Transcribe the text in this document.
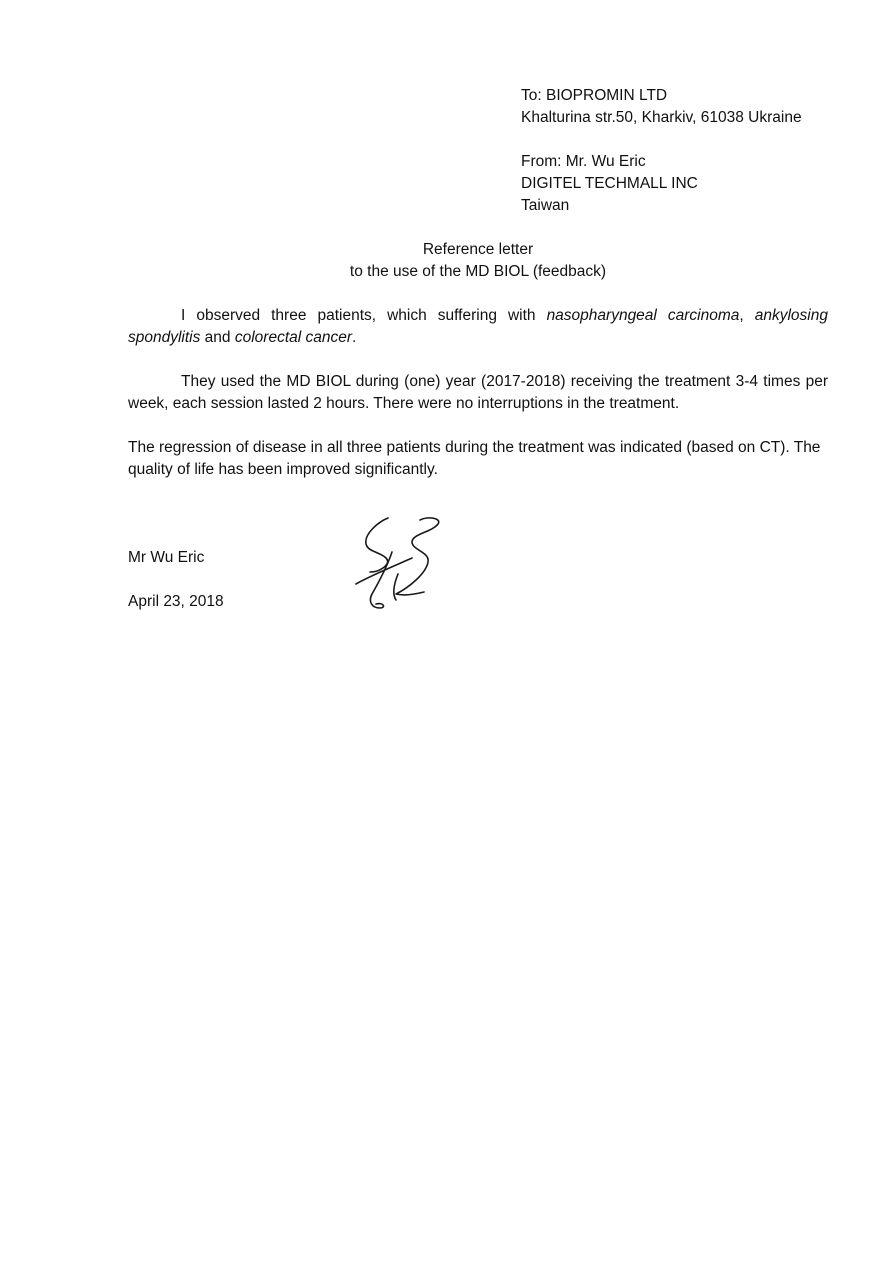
To: BIOPROMIN LTD
Khalturina str.50, Kharkiv, 61038 Ukraine
From: Mr. Wu Eric
DIGITEL TECHMALL INC
Taiwan
Reference letter
to the use of the MD BIOL (feedback)

I observed three patients, which suffering with nasopharyngeal carcinoma, ankylosing spondylitis and colorectal cancer.

They used the MD BIOL during (one) year (2017-2018) receiving the treatment 3-4 times per week, each session lasted 2 hours. There were no interruptions in the treatment.

The regression of disease in all three patients during the treatment was indicated (based on CT). The quality of life has been improved significantly.

Mr Wu Eric
April 23, 2018
